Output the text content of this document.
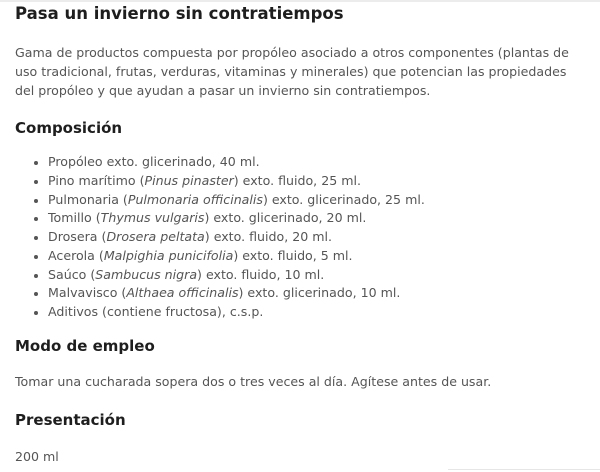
Pasa un invierno sin contratiempos

Gama de productos compuesta por propóleo asociado a otros componentes (plantas de uso tradicional, frutas, verduras, vitaminas y minerales) que potencian las propiedades del propóleo y que ayudan a pasar un invierno sin contratiempos.

Composición
Propóleo exto. glicerinado, 40 ml.
Pino marítimo (Pinus pinaster) exto. fluido, 25 ml.
Pulmonaria (Pulmonaria officinalis) exto. glicerinado, 25 ml.
Tomillo (Thymus vulgaris) exto. glicerinado, 20 ml.
Drosera (Drosera peltata) exto. fluido, 20 ml.
Acerola (Malpighia punicifolia) exto. fluido, 5 ml.
Saúco (Sambucus nigra) exto. fluido, 10 ml.
Malvavisco (Althaea officinalis) exto. glicerinado, 10 ml.
Aditivos (contiene fructosa), c.s.p.
Modo de empleo

Tomar una cucharada sopera dos o tres veces al día. Agítese antes de usar.

Presentación

200 ml
